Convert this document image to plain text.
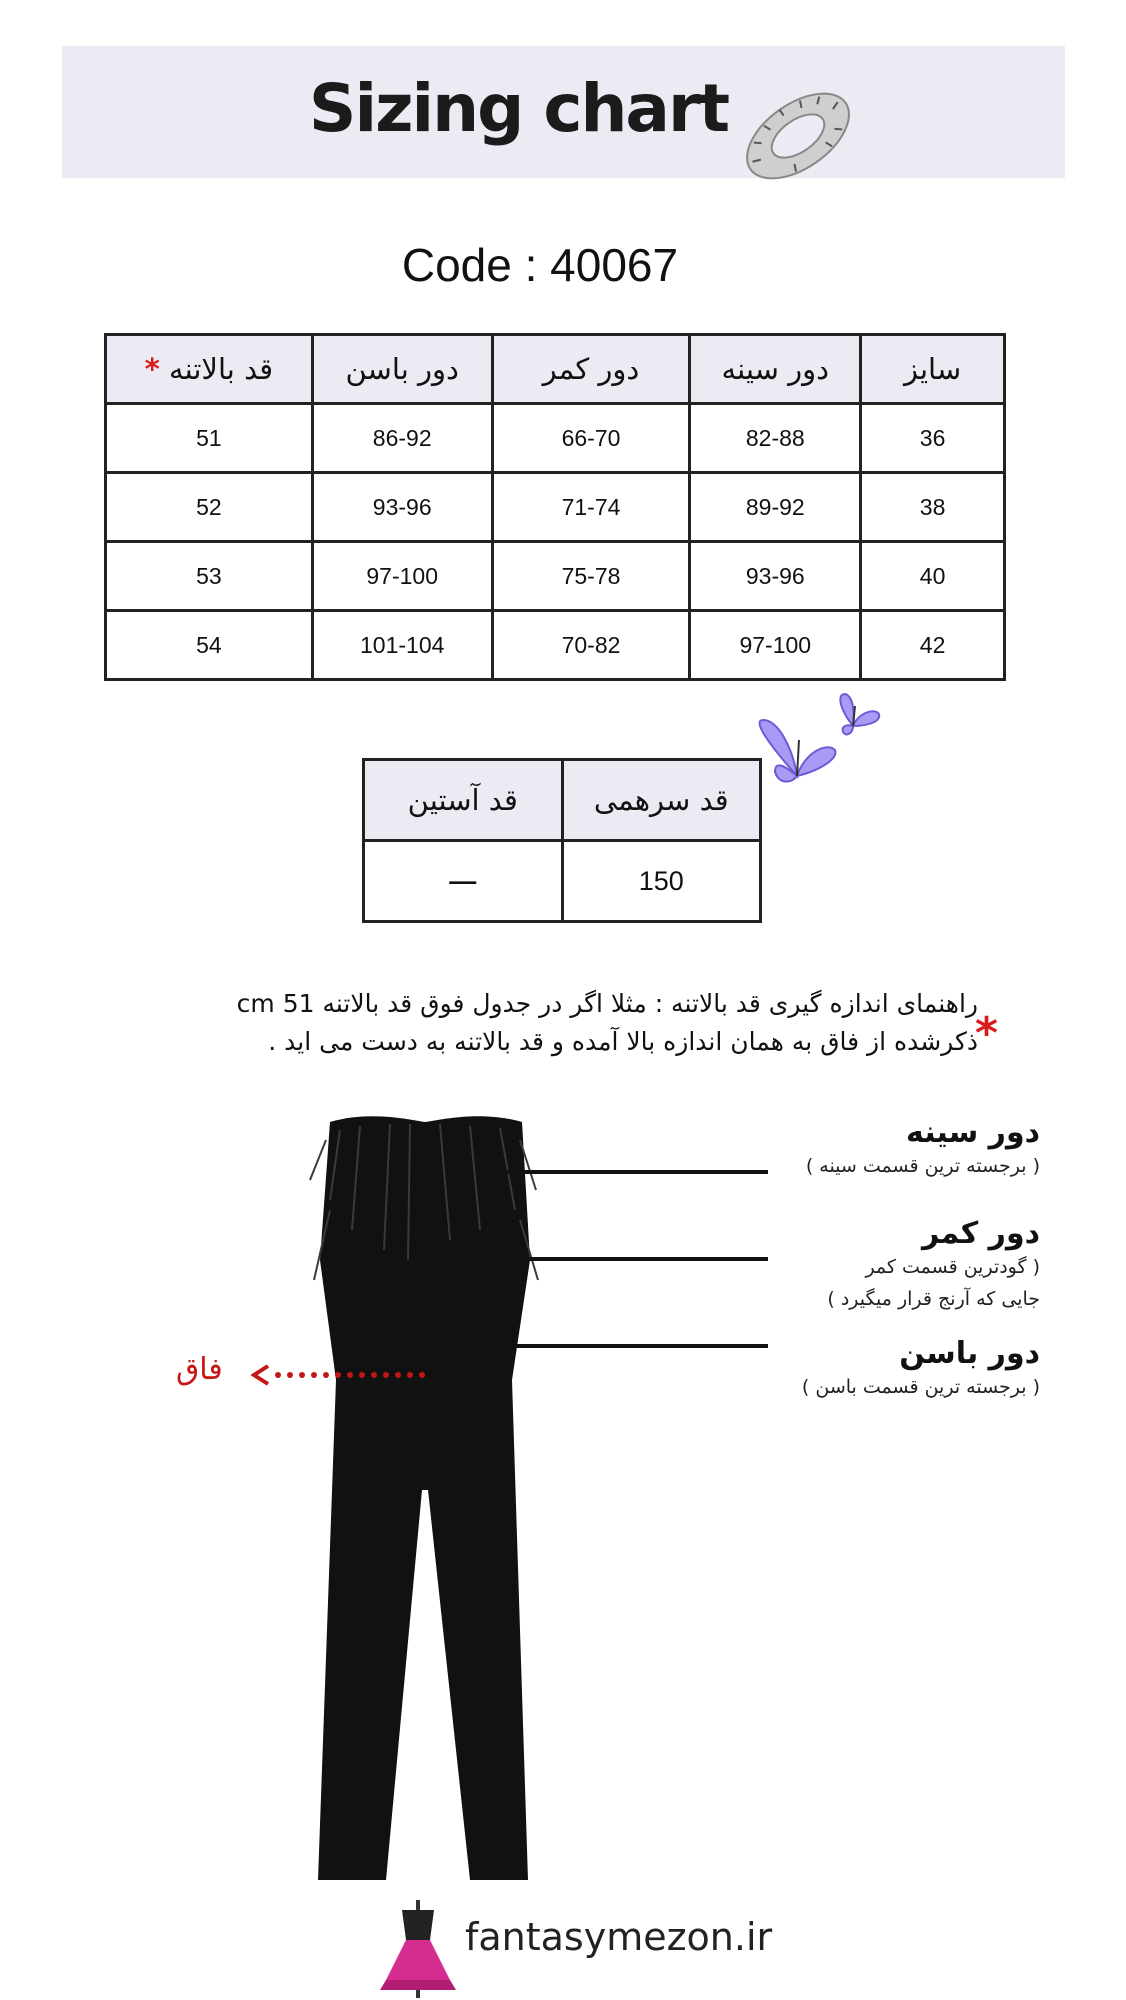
Sizing chart
Code : 40067
سایز	دور سینه	دور کمر	دور باسن	قد بالاتنه *
36	82-88	66-70	86-92	51
38	89-92	71-74	93-96	52
40	93-96	75-78	97-100	53
42	97-100	70-82	101-104	54
قد سرهمی	قد آستین
150	—
راهنمای اندازه گیری قد بالاتنه : مثلا اگر در جدول فوق قد بالاتنه 51 cm
ذکرشده از فاق به همان اندازه بالا آمده و قد بالاتنه به دست می اید .
*
دور سینه
( برجسته ترین قسمت سینه )
دور کمر
( گودترین قسمت کمر
جایی که آرنج قرار میگیرد )
دور باسن
( برجسته ترین قسمت باسن )
فاق
fantasymezon.ir
